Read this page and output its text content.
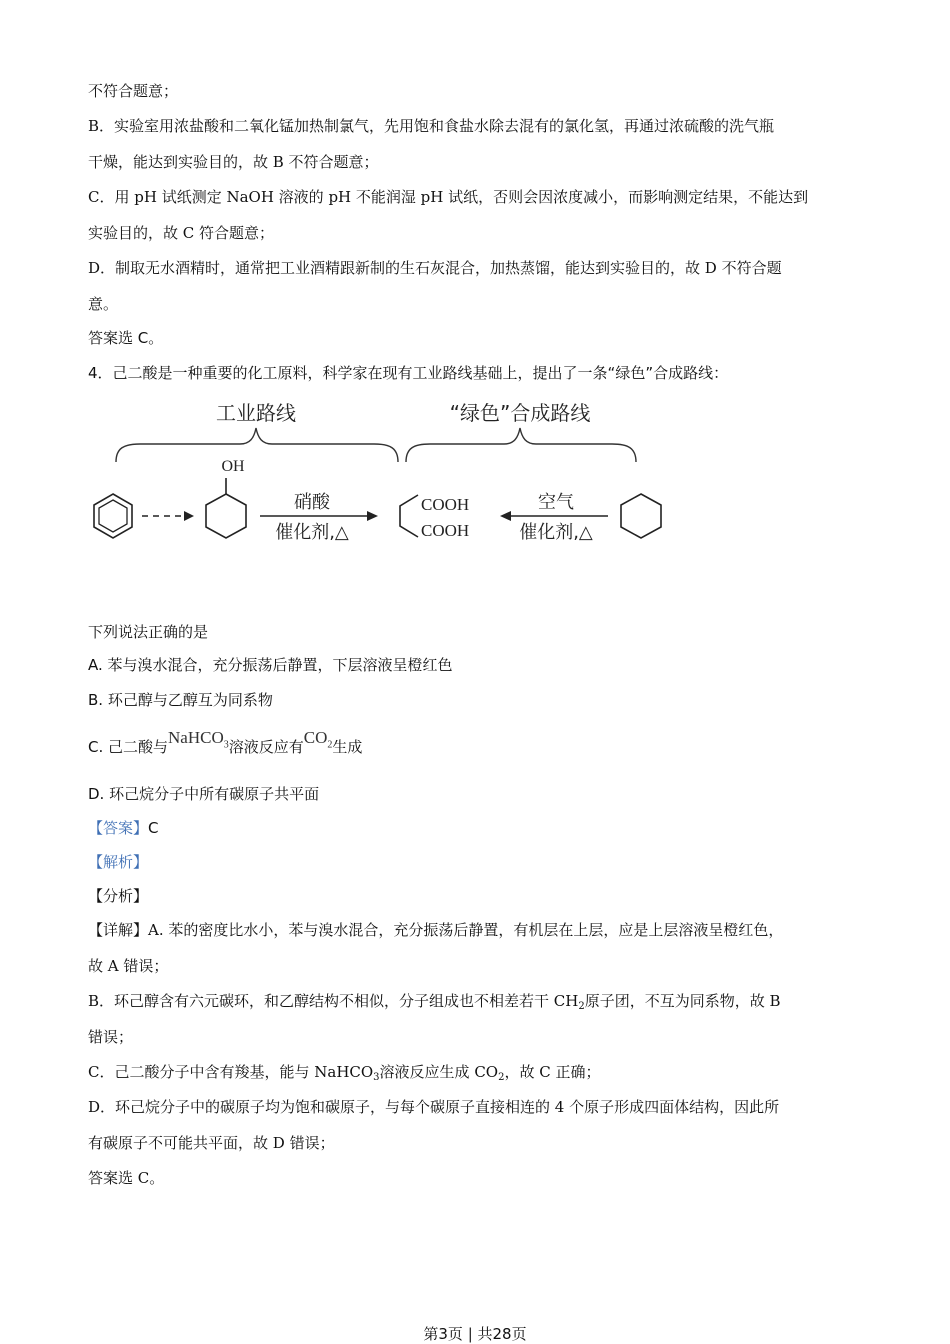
不符合题意；
B．实验室用浓盐酸和二氧化锰加热制氯气，先用饱和食盐水除去混有的氯化氢，再通过浓硫酸的洗气瓶
干燥，能达到实验目的，故 B 不符合题意；
C．用 pH 试纸测定 NaOH 溶液的 pH 不能润湿 pH 试纸，否则会因浓度减小，而影响测定结果，不能达到
实验目的，故 C 符合题意；
D．制取无水酒精时，通常把工业酒精跟新制的生石灰混合，加热蒸馏，能达到实验目的，故 D 不符合题
意。
答案选 C。
4．己二酸是一种重要的化工原料，科学家在现有工业路线基础上，提出了一条“绿色”合成路线：
工业路线	“绿色”合成路线
OH
硝酸
催化剂,△
COOH
COOH
空气
催化剂,△
下列说法正确的是
A. 苯与溴水混合，充分振荡后静置，下层溶液呈橙红色
B. 环己醇与乙醇互为同系物
C. 己二酸与NaHCO$_3$溶液反应有$CO_2$生成
D. 环己烷分子中所有碳原子共平面
【答案】C
【解析】
【分析】
【详解】A. 苯的密度比水小，苯与溴水混合，充分振荡后静置，有机层在上层，应是上层溶液呈橙红色，
故 A 错误；
B．环己醇含有六元碳环，和乙醇结构不相似，分子组成也不相差若干 $CH_2$原子团，不互为同系物，故 B
错误；
C．己二酸分子中含有羧基，能与 NaHCO$_3$溶液反应生成 $CO_2$，故 C 正确；
D．环己烷分子中的碳原子均为饱和碳原子，与每个碳原子直接相连的 4 个原子形成四面体结构，因此所
有碳原子不可能共平面，故 D 错误；
答案选 C。
第3页 | 共28页
